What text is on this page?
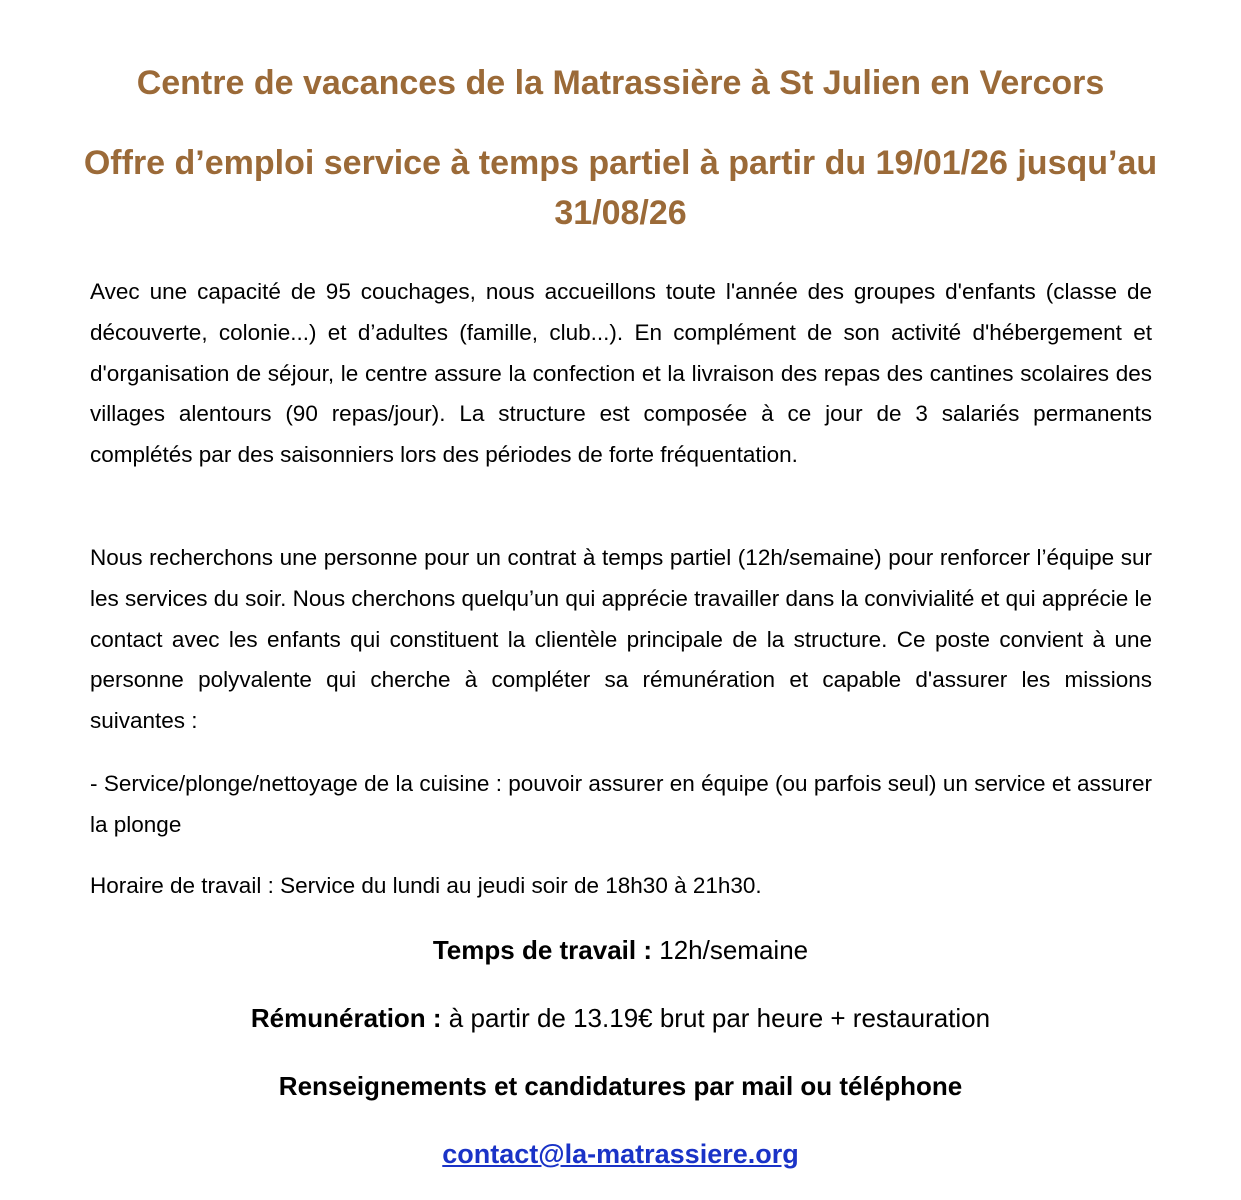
Centre de vacances de la Matrassière à St Julien en Vercors
Offre d’emploi service à temps partiel à partir du 19/01/26 jusqu’au 31/08/26

Avec une capacité de 95 couchages, nous accueillons toute l'année des groupes d'enfants (classe de découverte, colonie...) et d’adultes (famille, club...). En complément de son activité d'hébergement et d'organisation de séjour, le centre assure la confection et la livraison des repas des cantines scolaires des villages alentours (90 repas/jour). La structure est composée à ce jour de 3 salariés permanents complétés par des saisonniers lors des périodes de forte fréquentation.

Nous recherchons une personne pour un contrat à temps partiel (12h/semaine) pour renforcer l’équipe sur les services du soir. Nous cherchons quelqu’un qui apprécie travailler dans la convivialité et qui apprécie le contact avec les enfants qui constituent la clientèle principale de la structure. Ce poste convient à une personne polyvalente qui cherche à compléter sa rémunération et capable d'assurer les missions suivantes :

- Service/plonge/nettoyage de la cuisine : pouvoir assurer en équipe (ou parfois seul) un service et assurer la plonge

Horaire de travail : Service du lundi au jeudi soir de 18h30 à 21h30.

Temps de travail : 12h/semaine

Rémunération : à partir de 13.19€ brut par heure + restauration

Renseignements et candidatures par mail ou téléphone

contact@la-matrassiere.org
